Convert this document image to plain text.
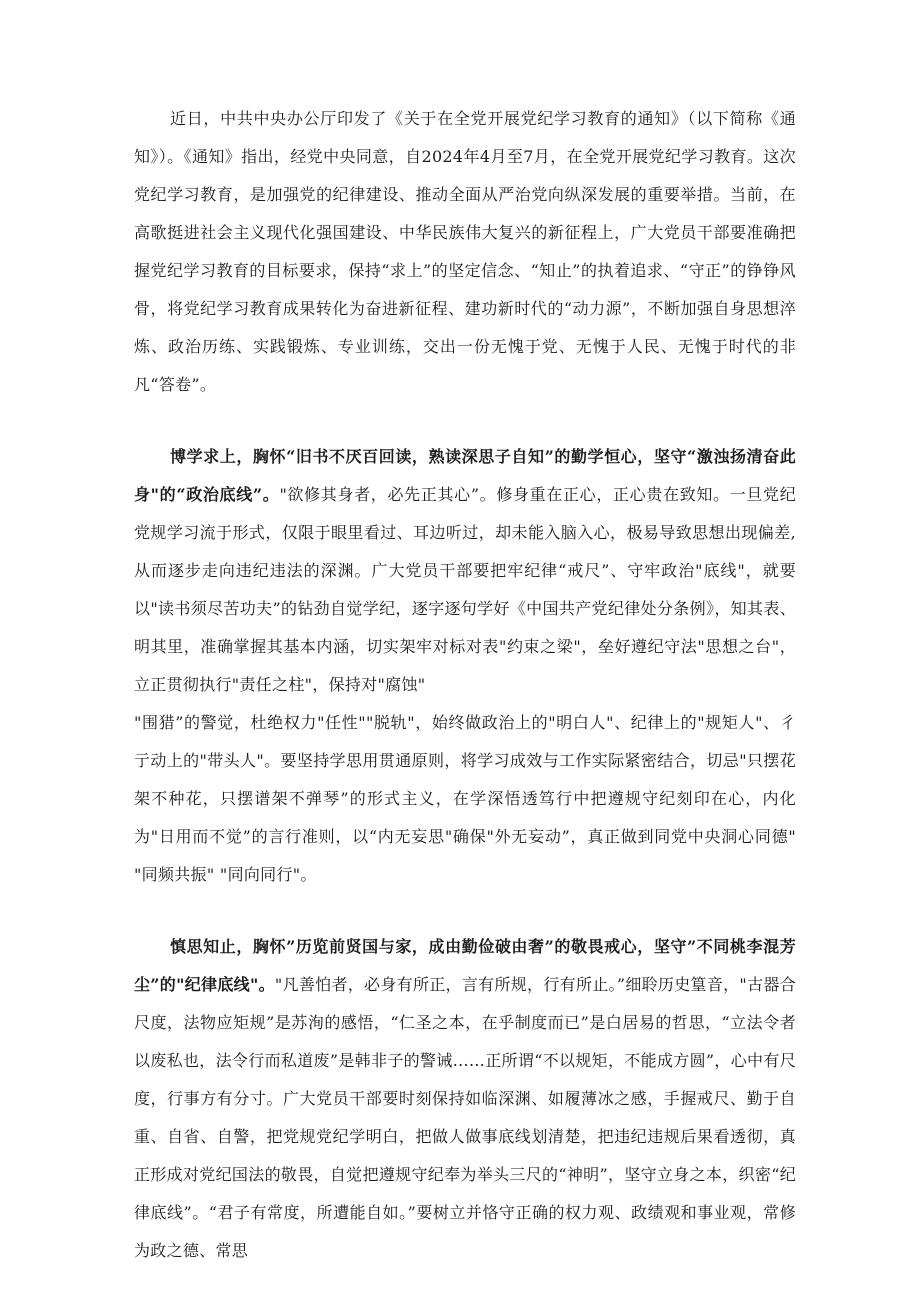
近日，中共中央办公厅印发了《关于在全党开展党纪学习教育的通知》（以下简称《通知》）。《通知》指出，经党中央同意，自2024年4月至7月，在全党开展党纪学习教育。这次党纪学习教育，是加强党的纪律建设、推动全面从严治党向纵深发展的重要举措。当前，在高歌挺进社会主义现代化强国建设、中华民族伟大复兴的新征程上，广大党员干部要准确把握党纪学习教育的目标要求，保持“求上”的坚定信念、“知止”的执着追求、“守正”的铮铮风骨，将党纪学习教育成果转化为奋进新征程、建功新时代的“动力源”，不断加强自身思想淬炼、政治历练、实践锻炼、专业训练，交出一份无愧于党、无愧于人民、无愧于时代的非凡“答卷”。

博学求上，胸怀“旧书不厌百回读，熟读深思子自知”的勤学恒心，坚守“激浊扬清奋此身"的“政治底线”。"欲修其身者，必先正其心”。修身重在正心，正心贵在致知。一旦党纪党规学习流于形式，仅限于眼里看过、耳边听过，却未能入脑入心，极易导致思想出现偏差,从而逐步走向违纪违法的深渊。广大党员干部要把牢纪律“戒尺”、守牢政治"底线"，就要以"读书须尽苦功夫”的钻劲自觉学纪，逐字逐句学好《中国共产党纪律处分条例》，知其表、明其里，准确掌握其基本内涵，切实架牢对标对表"约束之梁"，垒好遵纪守法"思想之台"，立正贯彻执行"责任之柱"，保持对"腐蚀"

"围猎”的警觉，杜绝权力"任性""脱轨"，始终做政治上的"明白人"、纪律上的"规矩人"、彳亍动上的"带头人"。要坚持学思用贯通原则，将学习成效与工作实际紧密结合，切忌"只摆花架不种花，只摆谱架不弹琴”的形式主义，在学深悟透笃行中把遵规守纪刻印在心，内化为"日用而不觉”的言行准则，以“内无妄思"确保"外无妄动”，真正做到同党中央洞心同德" "同频共振" "同向同行"。

慎思知止，胸怀”历览前贤国与家，成由勤俭破由奢”的敬畏戒心，坚守”不同桃李混芳尘”的"纪律底线"。"凡善怕者，必身有所正，言有所规，行有所止。”细聆历史篁音，"古器合尺度，法物应矩规”是苏洵的感悟，“仁圣之本，在乎制度而已”是白居易的哲思，“立法令者以废私也，法令行而私道废”是韩非子的警诫……正所谓“不以规矩，不能成方圆”，心中有尺度，行事方有分寸。广大党员干部要时刻保持如临深渊、如履薄冰之感，手握戒尺、勤于自重、自省、自警，把党规党纪学明白，把做人做事底线划清楚，把违纪违规后果看透彻，真正形成对党纪国法的敬畏，自觉把遵规守纪奉为举头三尺的“神明”，坚守立身之本，织密“纪律底线”。“君子有常度，所遭能自如。”要树立并恪守正确的权力观、政绩观和事业观，常修为政之德、常思
